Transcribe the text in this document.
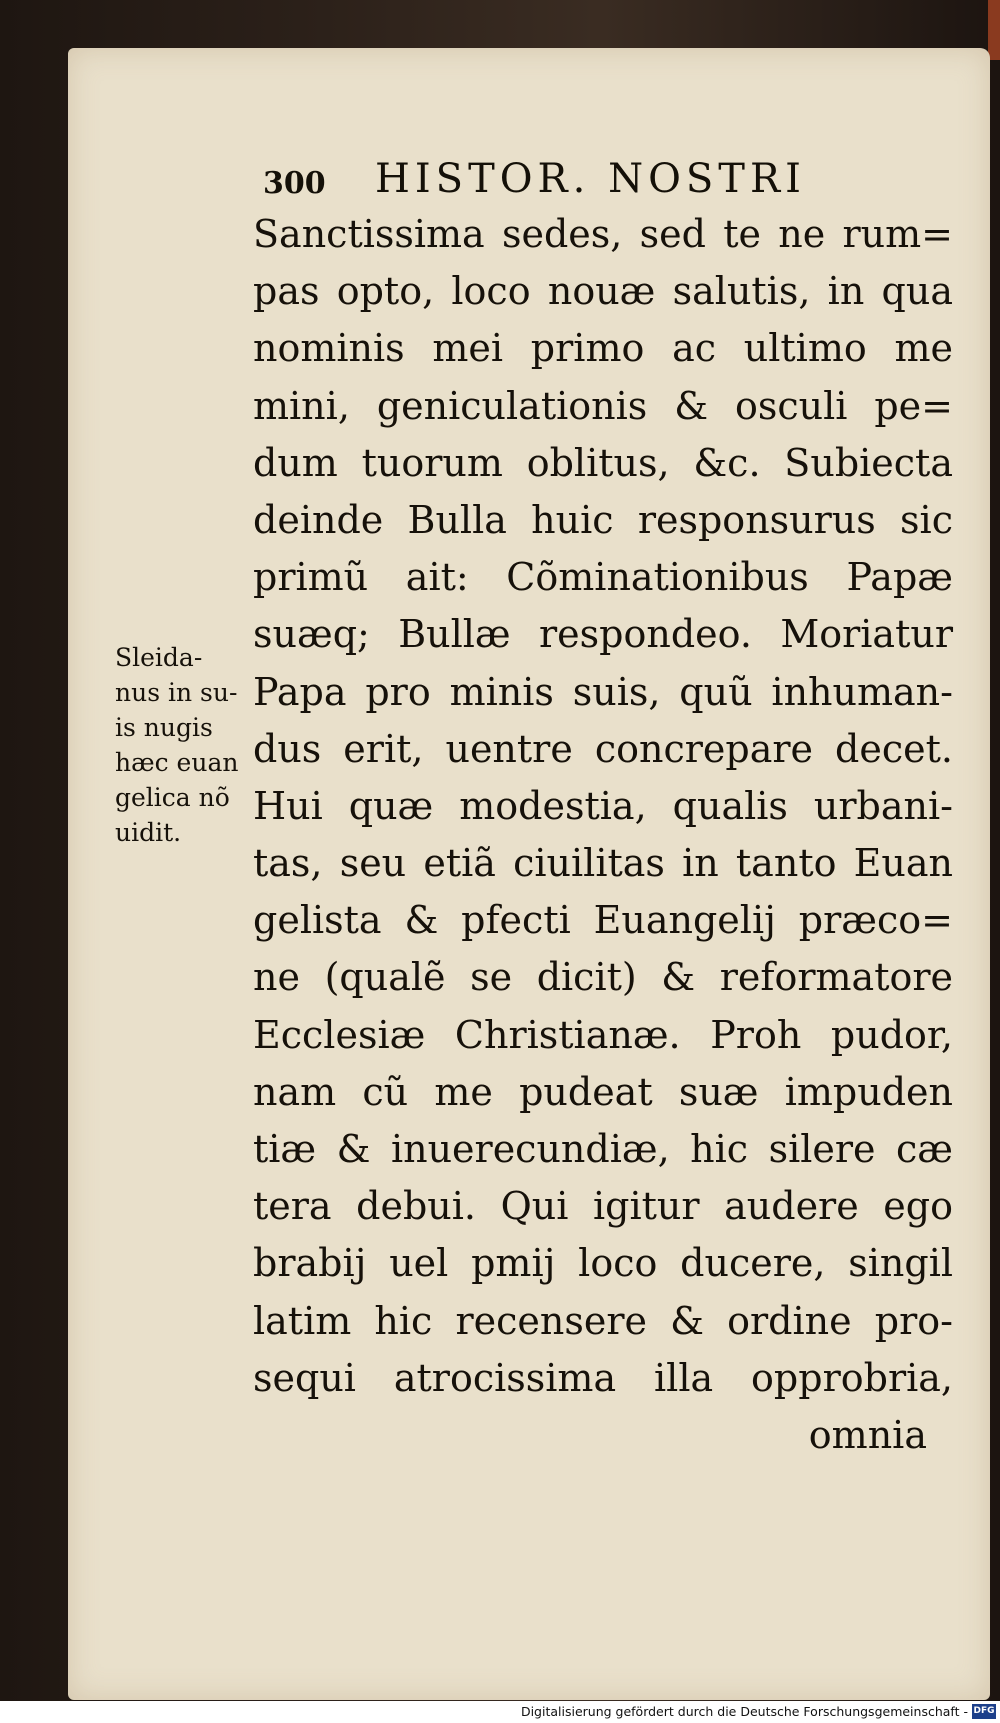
300 HISTOR. NOSTRI
Sleida-
nus in su-
is nugis
hæc euan
gelica nõ
uidit.
Sanctissima sedes, sed te ne rum=
pas opto, loco nouæ salutis, in qua
nominis mei primo ac ultimo me
mini, geniculationis & osculi pe=
dum tuorum oblitus, &c. Subiecta
deinde Bulla huic responsurus sic
primũ ait: Cõminationibus Papæ
suæq; Bullæ respondeo. Moriatur
Papa pro minis suis, quũ inhuman-
dus erit, uentre concrepare decet.
Hui quæ modestia, qualis urbani-
tas, seu etiã ciuilitas in tanto Euan
gelista & pfecti Euangelij præco=
ne (qualẽ se dicit) & reformatore
Ecclesiæ Christianæ. Proh pudor,
nam cũ me pudeat suæ impuden
tiæ & inuerecundiæ, hic silere cæ
tera debui. Qui igitur audere ego
brabij uel pmij loco ducere, singil
latim hic recensere & ordine pro-
sequi atrocissima illa opprobria,
omnia
Digitalisierung gefördert durch die Deutsche Forschungsgemeinschaft - DFG
